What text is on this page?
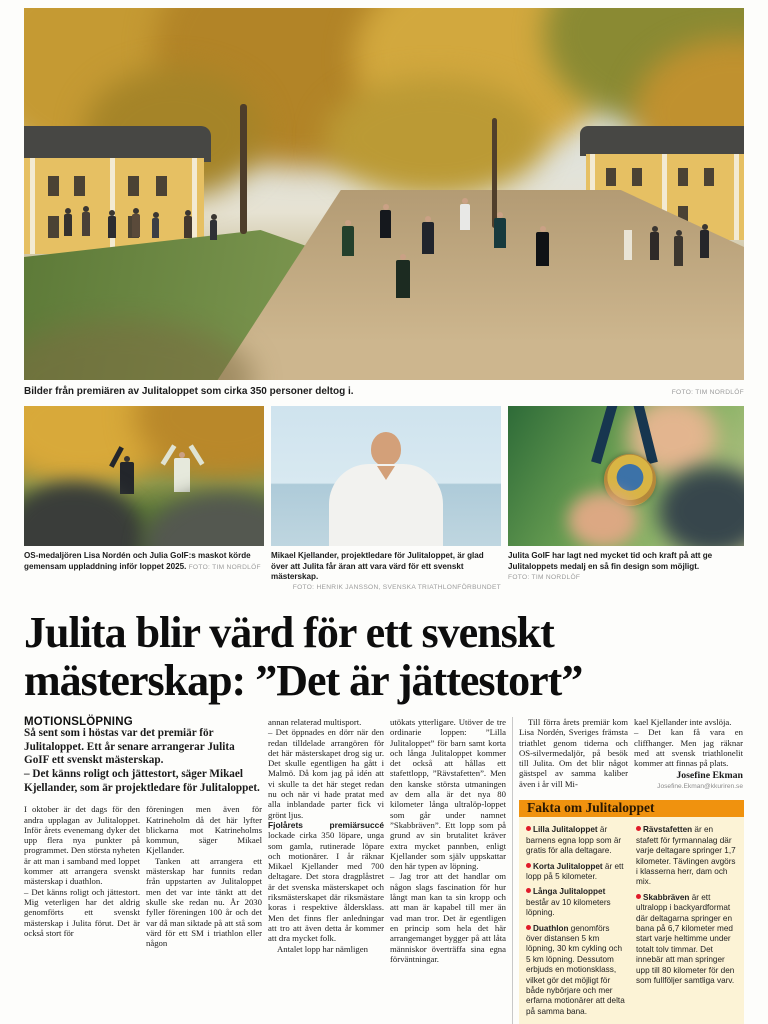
Bilder från premiären av Julitaloppet som cirka 350 personer deltog i.	FOTO: TIM NORDLÖF
OS-medaljören Lisa Nordén och Julia GoIF:s maskot körde gemensam uppladdning inför loppet 2025. FOTO: TIM NORDLÖF
Mikael Kjellander, projektledare för Julitaloppet, är glad över att Julita får äran att vara värd för ett svenskt mästerskap.
FOTO: HENRIK JANSSON, SVENSKA TRIATHLONFÖRBUNDET
Julita GoIF har lagt ned mycket tid och kraft på att ge Julitaloppets medalj en så fin design som möjligt. FOTO: TIM NORDLÖF
Julita blir värd för ett svenskt mästerskap: ”Det är jättestort”
MOTIONSLÖPNING

Så sent som i höstas var det premiär för Julitaloppet. Ett år senare arrangerar Julita GoIF ett svenskt mästerskap.

– Det känns roligt och jättestort, säger Mikael Kjellander, som är projektledare för Julitaloppet.

I oktober är det dags för den andra upplagan av Julitaloppet. Inför årets evenemang dyker det upp flera nya punkter på programmet. Den största nyheten är att man i samband med loppet kommer att arrangera svenskt mästerskap i duathlon.

– Det känns roligt och jättestort. Mig veterligen har det aldrig genomförts ett svenskt mästerskap i Julita förut. Det är också stort för

föreningen men även för Katrineholm då det här lyfter blickarna mot Katrineholms kommun, säger Mikael Kjellander.

Tanken att arrangera ett mästerskap har funnits redan från uppstarten av Julitaloppet men det var inte tänkt att det skulle ske redan nu. År 2030 fyller föreningen 100 år och det var då man siktade på att stå som värd för ett SM i triathlon eller någon

annan relaterad multisport.

– Det öppnades en dörr när den redan tilldelade arrangören för det här mästerskapet drog sig ur. Det skulle egentligen ha gått i Malmö. Då kom jag på idén att vi skulle ta det här steget redan nu och när vi hade pratat med alla inblandade parter fick vi grönt ljus.

Fjolårets premiärsuccé lockade cirka 350 löpare, unga som gamla, rutinerade löpare och motionärer. I år räknar Mikael Kjellander med 700 deltagare. Det stora dragplåstret är det svenska mästerskapet och riksmästerskapet där riksmästare koras i respektive åldersklass. Men det finns fler anledningar att tro att även detta år kommer att dra mycket folk.

Antalet lopp har nämligen

utökats ytterligare. Utöver de tre ordinarie loppen: ”Lilla Julitaloppet” för barn samt korta och långa Julitaloppet kommer det också att hållas ett stafettlopp, ”Rävstafetten”. Men den kanske största utmaningen av dem alla är det nya 80 kilometer långa ultralöp-loppet som går under namnet ”Skabbräven”. Ett lopp som på grund av sin brutalitet kräver extra mycket pannben, enligt Kjellander som själv uppskattar den här typen av löpning.

– Jag tror att det handlar om någon slags fascination för hur långt man kan ta sin kropp och att man är kapabel till mer än vad man tror. Det är egentligen en princip som hela det här arrangemanget bygger på att låta människor överträffa sina egna förväntningar.

Till förra årets premiär kom Lisa Nordén, Sveriges främsta triathlet genom tiderna och OS-silvermedaljör, på besök till Julita. Om det blir något gästspel av samma kaliber även i år vill Mi-

kael Kjellander inte avslöja.

– Det kan få vara en cliffhanger. Men jag räknar med att svensk triathlonelit kommer att finnas på plats.

Josefine Ekman
Josefine.Ekman@kkuriren.se
Fakta om Julitaloppet
Lilla Julitaloppet är barnens egna lopp som är gratis för alla deltagare.
Korta Julitaloppet är ett lopp på 5 kilometer.
Långa Julitaloppet består av 10 kilometers löpning.
Duathlon genomförs över distansen 5 km löpning, 30 km cykling och 5 km löpning. Dessutom erbjuds en motionsklass, vilket gör det möjligt för både nybörjare och mer erfarna motionärer att delta på samma bana.
Rävstafetten är en stafett för fyrmannalag där varje deltagare springer 1,7 kilometer. Tävlingen avgörs i klasserna herr, dam och mix.
Skabbräven är ett ultralopp i backyardformat där deltagarna springer en bana på 6,7 kilometer med start varje heltimme under totalt tolv timmar. Det innebär att man springer upp till 80 kilometer för den som fullföljer samtliga varv.
